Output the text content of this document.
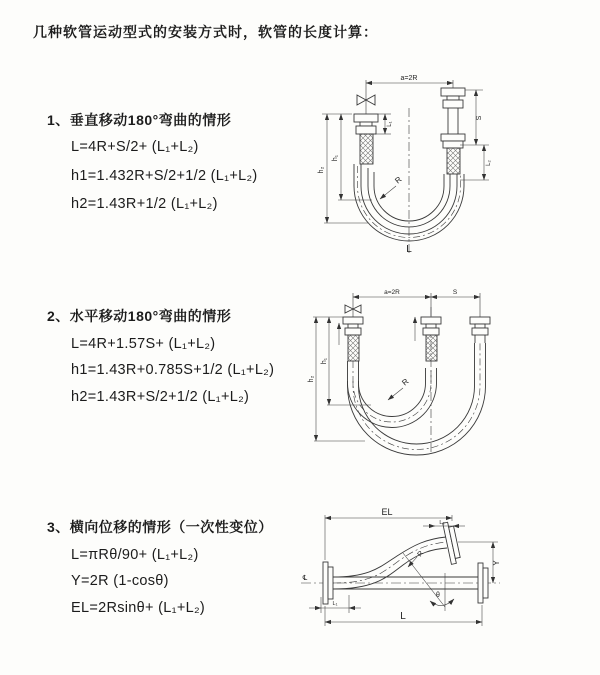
几种软管运动型式的安装方式时，软管的长度计算：
1、垂直移动180°弯曲的情形
L=4R+S/2+ (L₁+L₂)
h1=1.432R+S/2+1/2 (L₁+L₂)
h2=1.43R+1/2 (L₁+L₂)
2、水平移动180°弯曲的情形
L=4R+1.57S+ (L₁+L₂)
h1=1.43R+0.785S+1/2 (L₁+L₂)
h2=1.43R+S/2+1/2 (L₁+L₂)
3、横向位移的情形（一次性变位）
L=πRθ/90+ (L₁+L₂)
Y=2R (1-cosθ)
EL=2Rsinθ+ (L₁+L₂)
a=2R
h₁
h₂
L₁
S
L₂
R
L
a=2R	S
h₁
h₂	R
EL
L₂
Y
R
θ
L
L₁
℄
